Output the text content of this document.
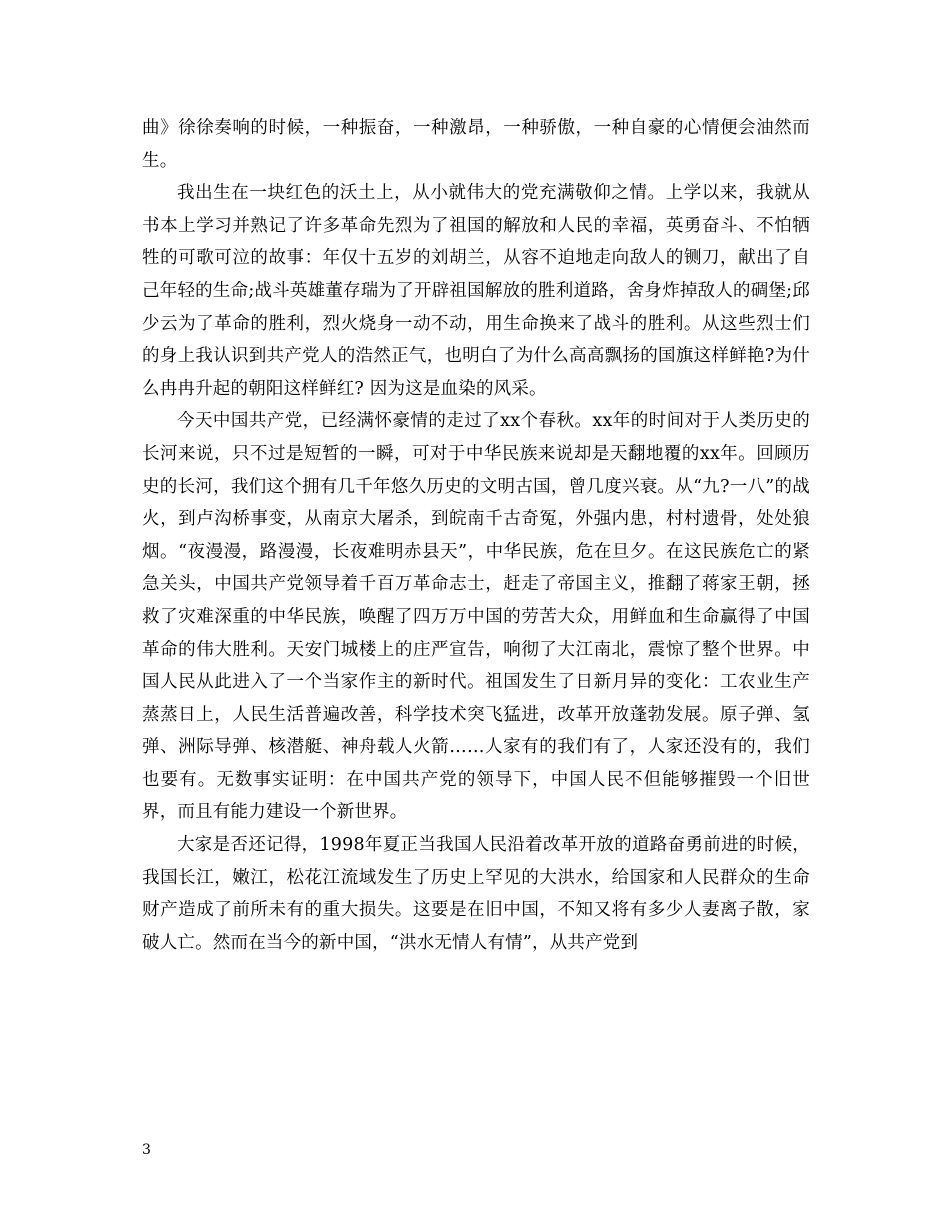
曲》徐徐奏响的时候，一种振奋，一种激昂，一种骄傲，一种自豪的心情便会油然而生。

我出生在一块红色的沃土上，从小就伟大的党充满敬仰之情。上学以来，我就从书本上学习并熟记了许多革命先烈为了祖国的解放和人民的幸福，英勇奋斗、不怕牺牲的可歌可泣的故事：年仅十五岁的刘胡兰，从容不迫地走向敌人的铡刀，献出了自己年轻的生命;战斗英雄董存瑞为了开辟祖国解放的胜利道路，舍身炸掉敌人的碉堡;邱少云为了革命的胜利，烈火烧身一动不动，用生命换来了战斗的胜利。从这些烈士们的身上我认识到共产党人的浩然正气，也明白了为什么高高飘扬的国旗这样鲜艳?为什么冉冉升起的朝阳这样鲜红? 因为这是血染的风采。

今天中国共产党，已经满怀豪情的走过了xx个春秋。xx年的时间对于人类历史的长河来说，只不过是短暂的一瞬，可对于中华民族来说却是天翻地覆的xx年。回顾历史的长河，我们这个拥有几千年悠久历史的文明古国，曾几度兴衰。从“九?一八”的战火，到卢沟桥事变，从南京大屠杀，到皖南千古奇冤，外强内患，村村遗骨，处处狼烟。“夜漫漫，路漫漫，长夜难明赤县天”，中华民族，危在旦夕。在这民族危亡的紧急关头，中国共产党领导着千百万革命志士，赶走了帝国主义，推翻了蒋家王朝，拯救了灾难深重的中华民族，唤醒了四万万中国的劳苦大众，用鲜血和生命赢得了中国革命的伟大胜利。天安门城楼上的庄严宣告，响彻了大江南北，震惊了整个世界。中国人民从此进入了一个当家作主的新时代。祖国发生了日新月异的变化：工农业生产蒸蒸日上，人民生活普遍改善，科学技术突飞猛进，改革开放蓬勃发展。原子弹、氢弹、洲际导弹、核潜艇、神舟载人火箭……人家有的我们有了，人家还没有的，我们也要有。无数事实证明：在中国共产党的领导下，中国人民不但能够摧毁一个旧世界，而且有能力建设一个新世界。

大家是否还记得，1998年夏正当我国人民沿着改革开放的道路奋勇前进的时候，我国长江，嫩江，松花江流域发生了历史上罕见的大洪水，给国家和人民群众的生命财产造成了前所未有的重大损失。这要是在旧中国，不知又将有多少人妻离子散，家破人亡。然而在当今的新中国，“洪水无情人有情”，从共产党到

3
